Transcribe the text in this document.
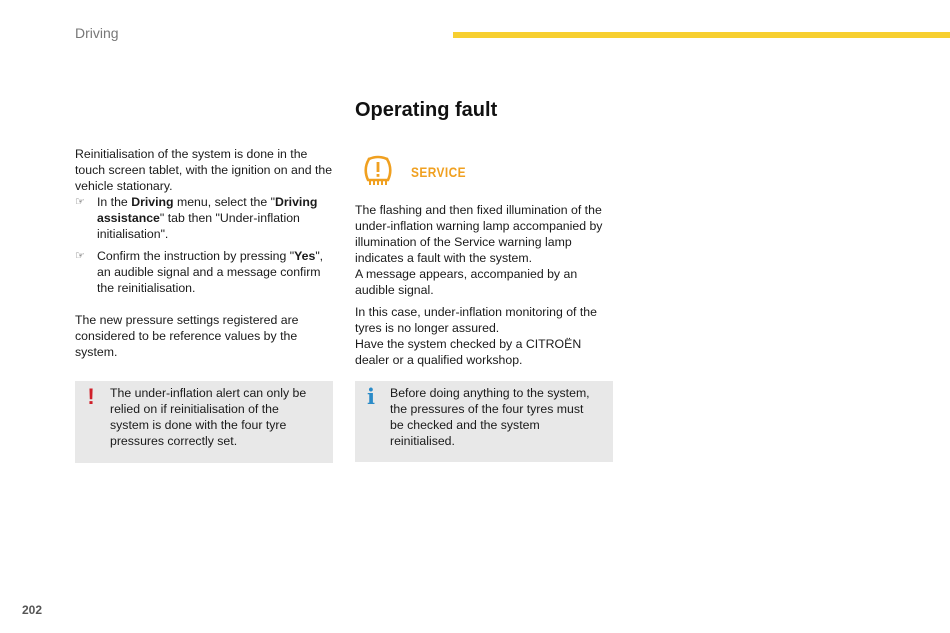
Driving
Operating fault

Reinitialisation of the system is done in the touch screen tablet, with the ignition on and the vehicle stationary.

☞ In the Driving menu, select the "Driving assistance" tab then "Under-inflation initialisation".

☞ Confirm the instruction by pressing "Yes", an audible signal and a message confirm the reinitialisation.

The new pressure settings registered are considered to be reference values by the system.

SERVICE

The flashing and then fixed illumination of the under-inflation warning lamp accompanied by illumination of the Service warning lamp indicates a fault with the system.

A message appears, accompanied by an audible signal.

In this case, under-inflation monitoring of the tyres is no longer assured.

Have the system checked by a CITROËN dealer or a qualified workshop.

! The under-inflation alert can only be relied on if reinitialisation of the system is done with the four tyre pressures correctly set.
i Before doing anything to the system, the pressures of the four tyres must be checked and the system reinitialised.
202
